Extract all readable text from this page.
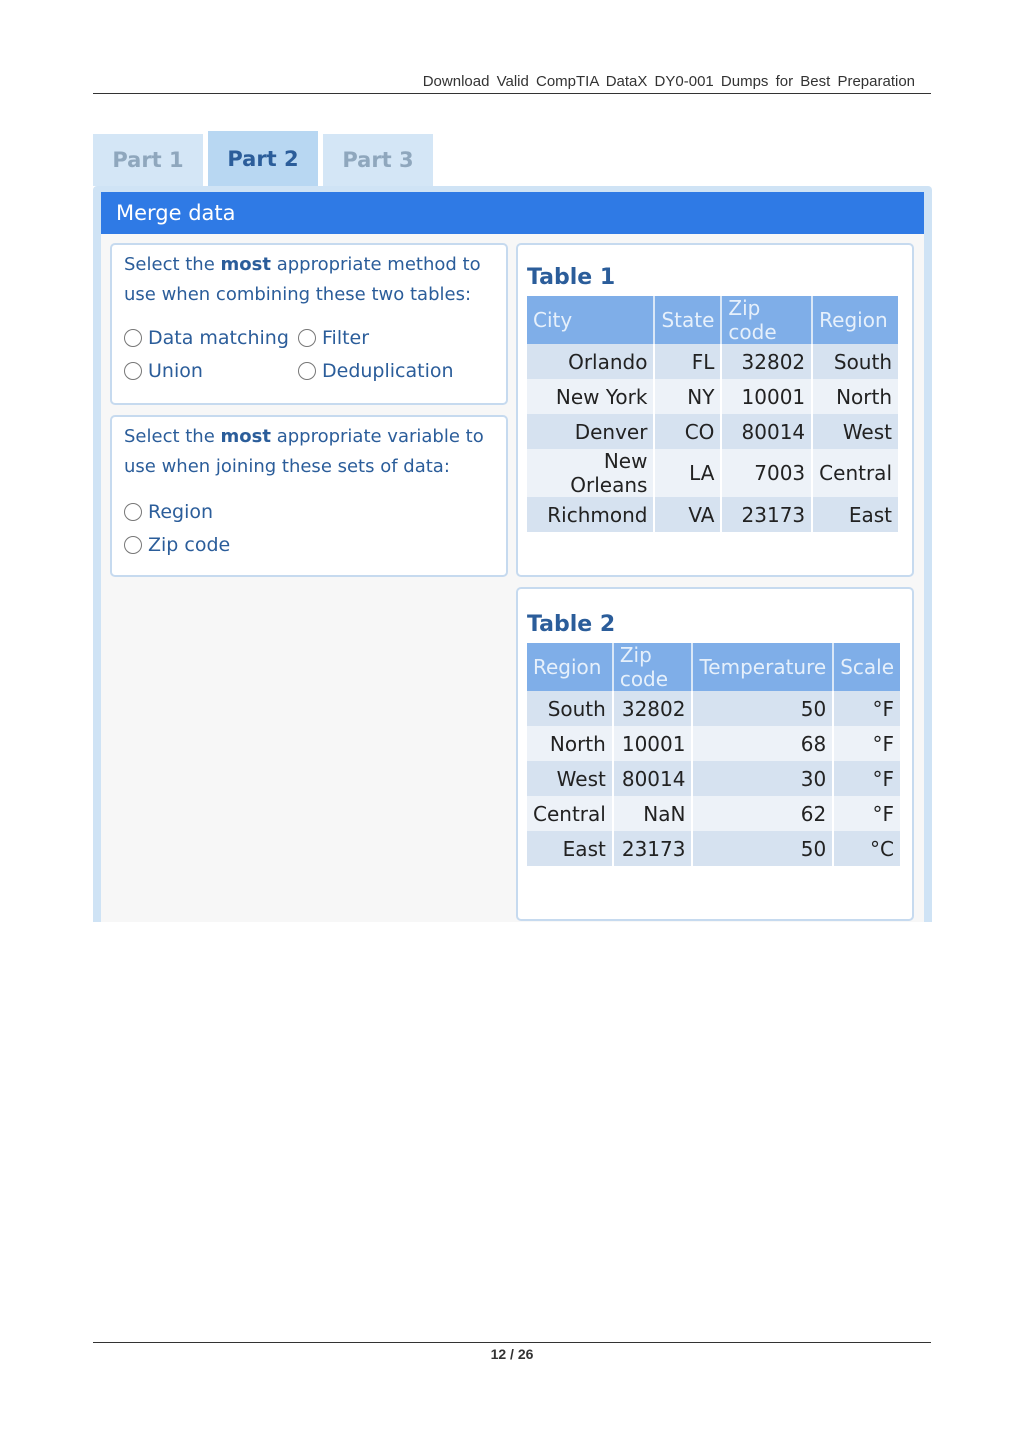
Download Valid CompTIA DataX DY0-001 Dumps for Best Preparation
Part 1	Part 2	Part 3
Merge data
Select the most appropriate method to use when combining these two tables:
Data matching Filter
Union	Deduplication
Select the most appropriate variable to use when joining these sets of data:
Region
Zip code
Table 1
City	State	Zip code	Region
Orlando	FL	32802	South
New York	NY	10001	North
Denver	CO	80014	West
New Orleans	LA	7003	Central
Richmond	VA	23173	East
Table 2
Region	Zip code	Temperature	Scale
South	32802	50	°F
North	10001	68	°F
West	80014	30	°F
Central	NaN	62	°F
East	23173	50	°C
12 / 26
